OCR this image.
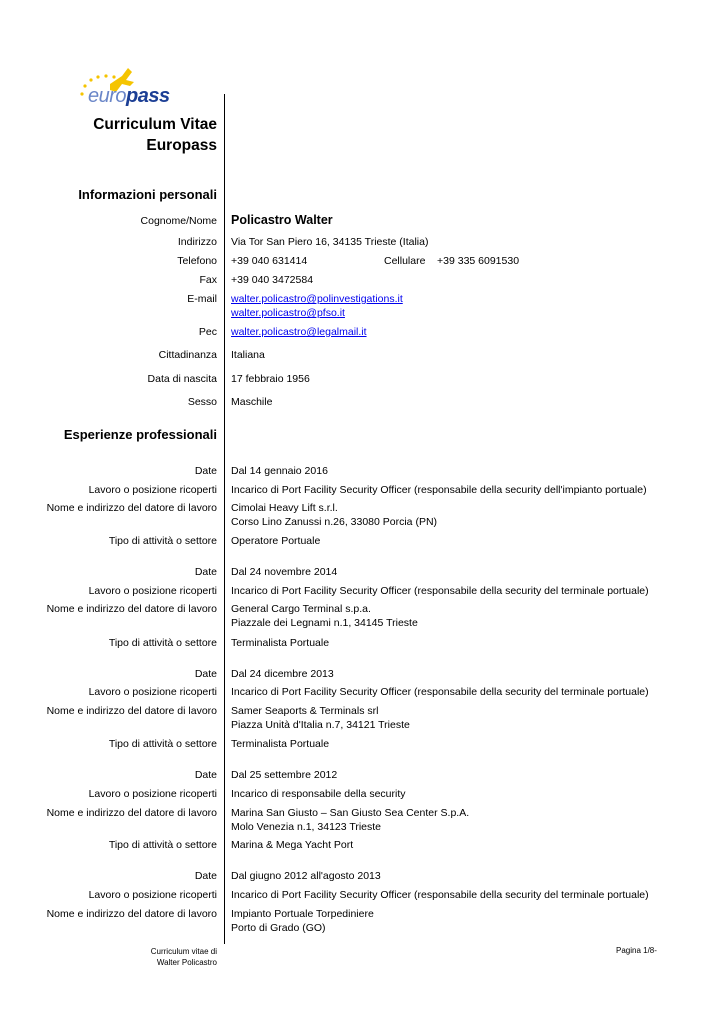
europass
Curriculum Vitae
Europass
Informazioni personali
Cognome/Nome Policastro Walter
Indirizzo Via Tor San Piero 16, 34135 Trieste (Italia)
Telefono +39 040 631414	Cellulare +39 335 6091530
Fax +39 040 3472584
E-mail walter.policastro@polinvestigations.it
walter.policastro@pfso.it
Pec walter.policastro@legalmail.it
Cittadinanza Italiana
Data di nascita 17 febbraio 1956
Sesso Maschile
Esperienze professionali
Date Dal 14 gennaio 2016
Lavoro o posizione ricoperti Incarico di Port Facility Security Officer (responsabile della security dell'impianto portuale)
Nome e indirizzo del datore di lavoro Cimolai Heavy Lift s.r.l.
Corso Lino Zanussi n.26, 33080 Porcia (PN)
Tipo di attività o settore Operatore Portuale
Date Dal 24 novembre 2014
Lavoro o posizione ricoperti Incarico di Port Facility Security Officer (responsabile della security del terminale portuale)
Nome e indirizzo del datore di lavoro General Cargo Terminal s.p.a.
Piazzale dei Legnami n.1, 34145 Trieste
Tipo di attività o settore Terminalista Portuale
Date Dal 24 dicembre 2013
Lavoro o posizione ricoperti Incarico di Port Facility Security Officer (responsabile della security del terminale portuale)
Nome e indirizzo del datore di lavoro Samer Seaports & Terminals srl
Piazza Unità d'Italia n.7, 34121 Trieste
Tipo di attività o settore Terminalista Portuale
Date Dal 25 settembre 2012
Lavoro o posizione ricoperti Incarico di responsabile della security
Nome e indirizzo del datore di lavoro Marina San Giusto – San Giusto Sea Center S.p.A.
Molo Venezia n.1, 34123 Trieste
Tipo di attività o settore Marina & Mega Yacht Port
Date Dal giugno 2012 all'agosto 2013
Lavoro o posizione ricoperti Incarico di Port Facility Security Officer (responsabile della security del terminale portuale)
Nome e indirizzo del datore di lavoro Impianto Portuale Torpediniere
Porto di Grado (GO)
Curriculum vitae di
Walter Policastro
Pagina 1/8-
